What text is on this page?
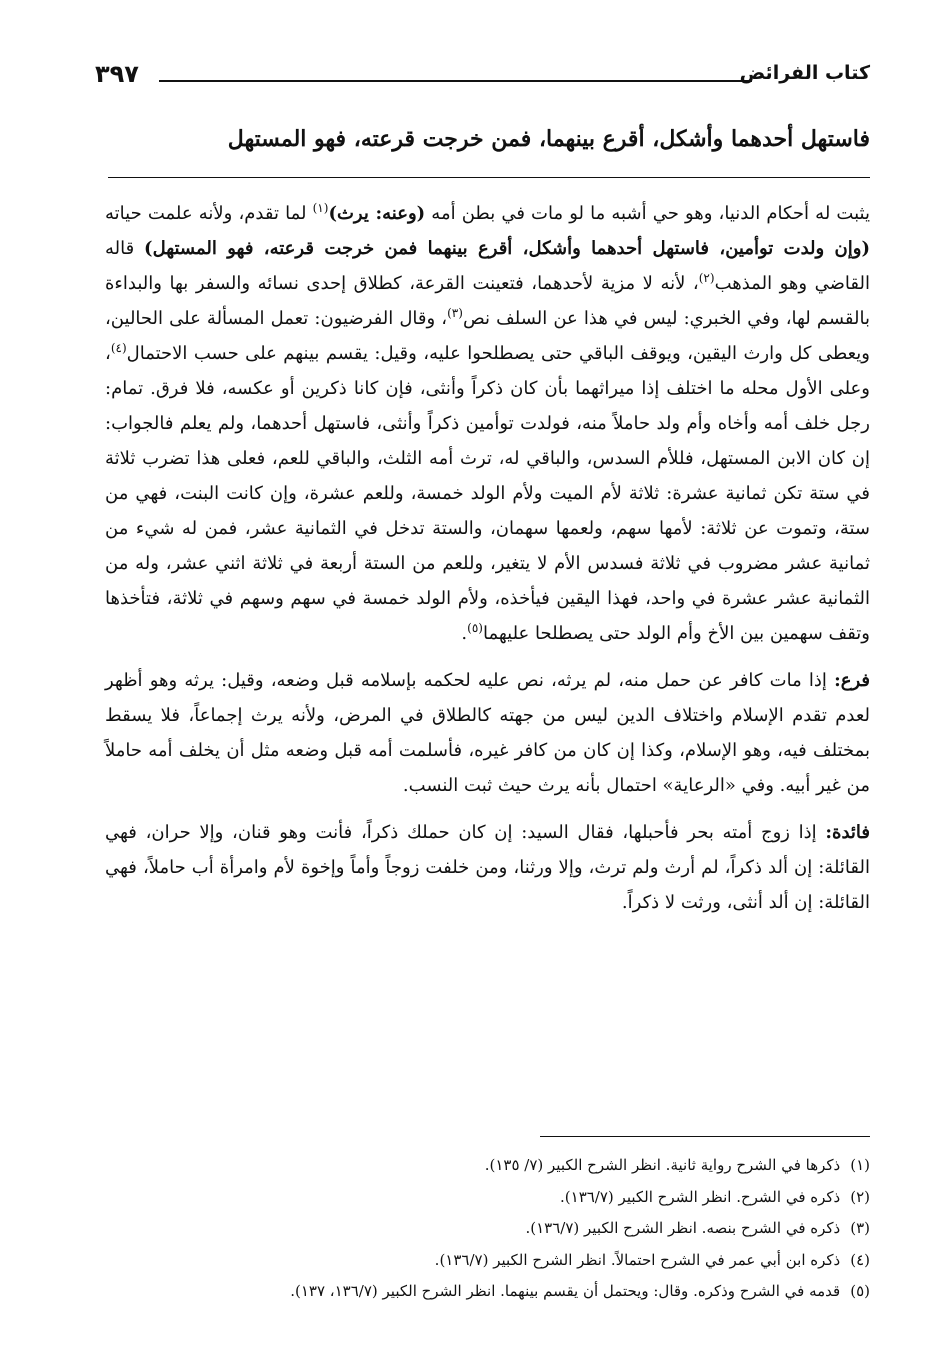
كتاب الفرائض
٣٩٧
فاستهل أحدهما وأشكل، أقرع بينهما، فمن خرجت قرعته، فهو المستهل

يثبت له أحكام الدنيا، وهو حي أشبه ما لو مات في بطن أمه (وعنه: يرث)$^{(١)}$ لما تقدم، ولأنه علمت حياته (وإن ولدت توأمين، فاستهل أحدهما وأشكل، أقرع بينهما فمن خرجت قرعته، فهو المستهل) قاله القاضي وهو المذهب$^{(٢)}$، لأنه لا مزية لأحدهما، فتعينت القرعة، كطلاق إحدى نسائه والسفر بها والبداءة بالقسم لها، وفي الخبري: ليس في هذا عن السلف نص$^{(٣)}$، وقال الفرضيون: تعمل المسألة على الحالين، ويعطى كل وارث اليقين، ويوقف الباقي حتى يصطلحوا عليه، وقيل: يقسم بينهم على حسب الاحتمال$^{(٤)}$، وعلى الأول محله ما اختلف إذا ميراثهما بأن كان ذكراً وأنثى، فإن كانا ذكرين أو عكسه، فلا فرق. تمام: رجل خلف أمه وأخاه وأم ولد حاملاً منه، فولدت توأمين ذكراً وأنثى، فاستهل أحدهما، ولم يعلم فالجواب: إن كان الابن المستهل، فللأم السدس، والباقي له، ترث أمه الثلث، والباقي للعم، فعلى هذا تضرب ثلاثة في ستة تكن ثمانية عشرة: ثلاثة لأم الميت ولأم الولد خمسة، وللعم عشرة، وإن كانت البنت، فهي من ستة، وتموت عن ثلاثة: لأمها سهم، ولعمها سهمان، والستة تدخل في الثمانية عشر، فمن له شيء من ثمانية عشر مضروب في ثلاثة فسدس الأم لا يتغير، وللعم من الستة أربعة في ثلاثة اثني عشر، وله من الثمانية عشر عشرة في واحد، فهذا اليقين فيأخذه، ولأم الولد خمسة في سهم وسهم في ثلاثة، فتأخذها وتقف سهمين بين الأخ وأم الولد حتى يصطلحا عليهما$^{(٥)}$.

فرع: إذا مات كافر عن حمل منه، لم يرثه، نص عليه لحكمه بإسلامه قبل وضعه، وقيل: يرثه وهو أظهر لعدم تقدم الإسلام واختلاف الدين ليس من جهته كالطلاق في المرض، ولأنه يرث إجماعاً، فلا يسقط بمختلف فيه، وهو الإسلام، وكذا إن كان من كافر غيره، فأسلمت أمه قبل وضعه مثل أن يخلف أمه حاملاً من غير أبيه. وفي «الرعاية» احتمال بأنه يرث حيث ثبت النسب.

فائدة: إذا زوج أمته بحر فأحبلها، فقال السيد: إن كان حملك ذكراً، فأنت وهو قنان، وإلا حران، فهي القائلة: إن ألد ذكراً، لم أرث ولم ترث، وإلا ورثنا، ومن خلفت زوجاً وأماً وإخوة لأم وامرأة أب حاملاً، فهي القائلة: إن ألد أنثى، ورثت لا ذكراً.

(١)ذكرها في الشرح رواية ثانية. انظر الشرح الكبير (٧/ ١٣٥).
(٢)ذكره في الشرح. انظر الشرح الكبير (١٣٦/٧).
(٣)ذكره في الشرح بنصه. انظر الشرح الكبير (١٣٦/٧).
(٤)ذكره ابن أبي عمر في الشرح احتمالاً. انظر الشرح الكبير (١٣٦/٧).
(٥)قدمه في الشرح وذكره. وقال: ويحتمل أن يقسم بينهما. انظر الشرح الكبير (١٣٦/٧، ١٣٧).
